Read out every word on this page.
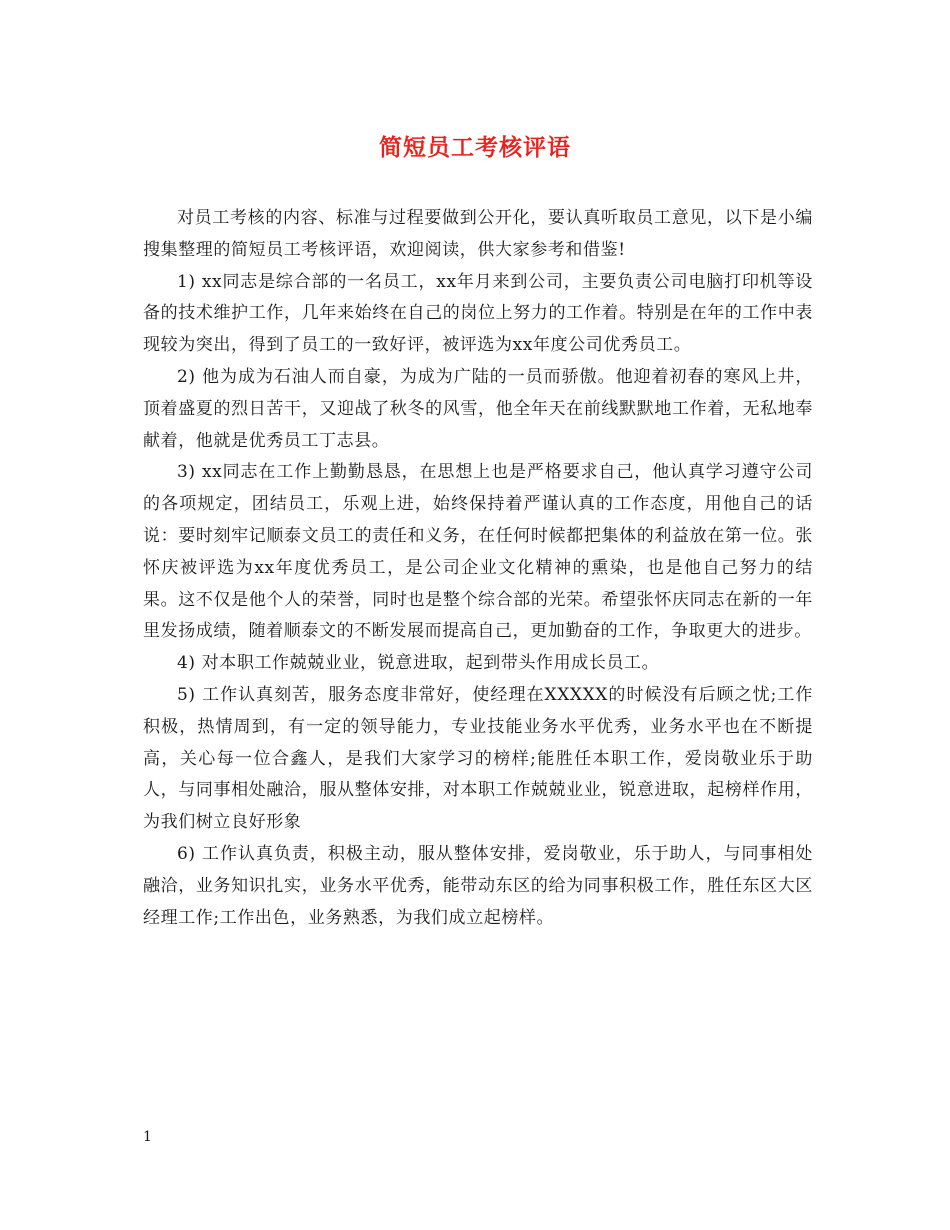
简短员工考核评语

对员工考核的内容、标准与过程要做到公开化，要认真听取员工意见，以下是小编搜集整理的简短员工考核评语，欢迎阅读，供大家参考和借鉴!

1) xx同志是综合部的一名员工，xx年月来到公司，主要负责公司电脑打印机等设备的技术维护工作，几年来始终在自己的岗位上努力的工作着。特别是在年的工作中表现较为突出，得到了员工的一致好评，被评选为xx年度公司优秀员工。

2) 他为成为石油人而自豪，为成为广陆的一员而骄傲。他迎着初春的寒风上井，顶着盛夏的烈日苦干，又迎战了秋冬的风雪，他全年天在前线默默地工作着，无私地奉献着，他就是优秀员工丁志县。

3) xx同志在工作上勤勤恳恳，在思想上也是严格要求自己，他认真学习遵守公司的各项规定，团结员工，乐观上进，始终保持着严谨认真的工作态度，用他自己的话说：要时刻牢记顺泰文员工的责任和义务，在任何时候都把集体的利益放在第一位。张怀庆被评选为xx年度优秀员工，是公司企业文化精神的熏染，也是他自己努力的结果。这不仅是他个人的荣誉，同时也是整个综合部的光荣。希望张怀庆同志在新的一年里发扬成绩，随着顺泰文的不断发展而提高自己，更加勤奋的工作，争取更大的进步。

4) 对本职工作兢兢业业，锐意进取，起到带头作用成长员工。

5) 工作认真刻苦，服务态度非常好，使经理在XXXXX的时候没有后顾之忧;工作积极，热情周到，有一定的领导能力，专业技能业务水平优秀，业务水平也在不断提高，关心每一位合鑫人，是我们大家学习的榜样;能胜任本职工作，爱岗敬业乐于助人，与同事相处融洽，服从整体安排，对本职工作兢兢业业，锐意进取，起榜样作用，为我们树立良好形象

6) 工作认真负责，积极主动，服从整体安排，爱岗敬业，乐于助人，与同事相处融洽，业务知识扎实，业务水平优秀，能带动东区的给为同事积极工作，胜任东区大区经理工作;工作出色，业务熟悉，为我们成立起榜样。

1
